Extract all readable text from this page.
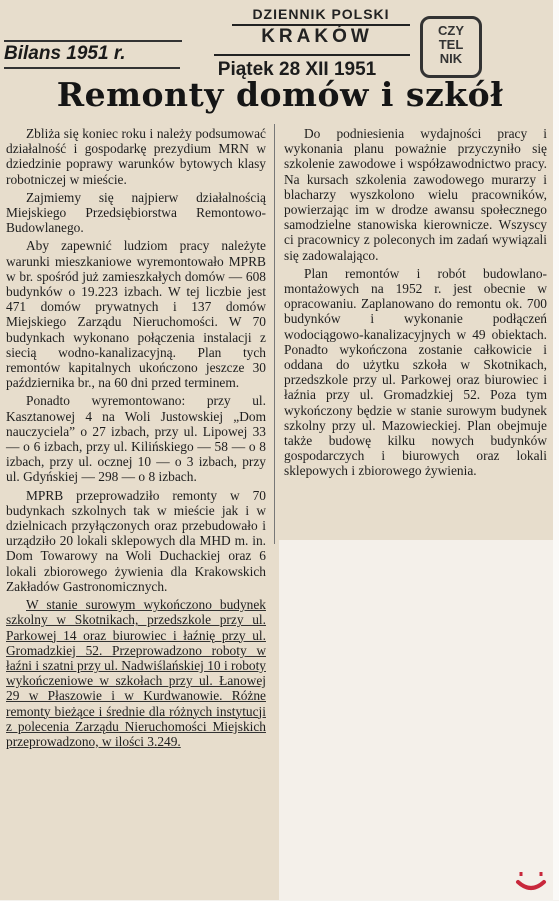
DZIENNIK POLSKI
KRAKÓW
Piątek 28 XII 1951
CZY
TEL
NIK
Bilans 1951 r.
Remonty domów i szkół

Zbliża się koniec roku i należy podsumować działalność i gospodarkę prezydium MRN w dziedzinie poprawy warunków bytowych klasy robotniczej w mieście.

Zajmiemy się najpierw działalnością Miejskiego Przedsiębiorstwa Remontowo-Budowlanego.

Aby zapewnić ludziom pracy należyte warunki mieszkaniowe wyremontowało MPRB w br. spośród już zamieszkałych domów — 608 budynków o 19.223 izbach. W tej liczbie jest 471 domów prywatnych i 137 domów Miejskiego Zarządu Nieruchomości. W 70 budynkach wykonano połączenia instalacji z siecią wodno-kanalizacyjną. Plan tych remontów kapitalnych ukończono jeszcze 30 października br., na 60 dni przed terminem.

Ponadto wyremontowano: przy ul. Kasztanowej 4 na Woli Justowskiej „Dom nauczyciela” o 27 izbach, przy ul. Lipowej 33 — o 6 izbach, przy ul. Kilińskiego — 58 — o 8 izbach, przy ul. ocznej 10 — o 3 izbach, przy ul. Gdyńskiej — 298 — o 8 izbach.

MPRB przeprowadziło remonty w 70 budynkach szkolnych tak w mieście jak i w dzielnicach przyłączonych oraz przebudowało i urządziło 20 lokali sklepowych dla MHD m. in. Dom Towarowy na Woli Duchackiej oraz 6 lokali zbiorowego żywienia dla Krakowskich Zakładów Gastronomicznych.

W stanie surowym wykończono budynek szkolny w Skotnikach, przedszkole przy ul. Parkowej 14 oraz biurowiec i łaźnię przy ul. Gromadzkiej 52. Przeprowadzono roboty w łaźni i szatni przy ul. Nadwiślańskiej 10 i roboty wykończeniowe w szkołach przy ul. Łanowej 29 w Płaszowie i w Kurdwanowie. Różne remonty bieżące i średnie dla różnych instytucji z polecenia Zarządu Nieruchomości Miejskich przeprowadzono, w ilości 3.249.

Do podniesienia wydajności pracy i wykonania planu poważnie przyczyniło się szkolenie zawodowe i współzawodnictwo pracy. Na kursach szkolenia zawodowego murarzy i blacharzy wyszkolono wielu pracowników, powierzając im w drodze awansu społecznego samodzielne stanowiska kierownicze. Wszyscy ci pracownicy z poleconych im zadań wywiązali się zadowalająco.

Plan remontów i robót budowlano-montażowych na 1952 r. jest obecnie w opracowaniu. Zaplanowano do remontu ok. 700 budynków i wykonanie podłączeń wodociągowo-kanalizacyjnych w 49 obiektach. Ponadto wykończona zostanie całkowicie i oddana do użytku szkoła w Skotnikach, przedszkole przy ul. Parkowej oraz biurowiec i łaźnia przy ul. Gromadzkiej 52. Poza tym wykończony będzie w stanie surowym budynek szkolny przy ul. Mazowieckiej. Plan obejmuje także budowę kilku nowych budynków gospodarczych i biurowych oraz lokali sklepowych i zbiorowego żywienia.
